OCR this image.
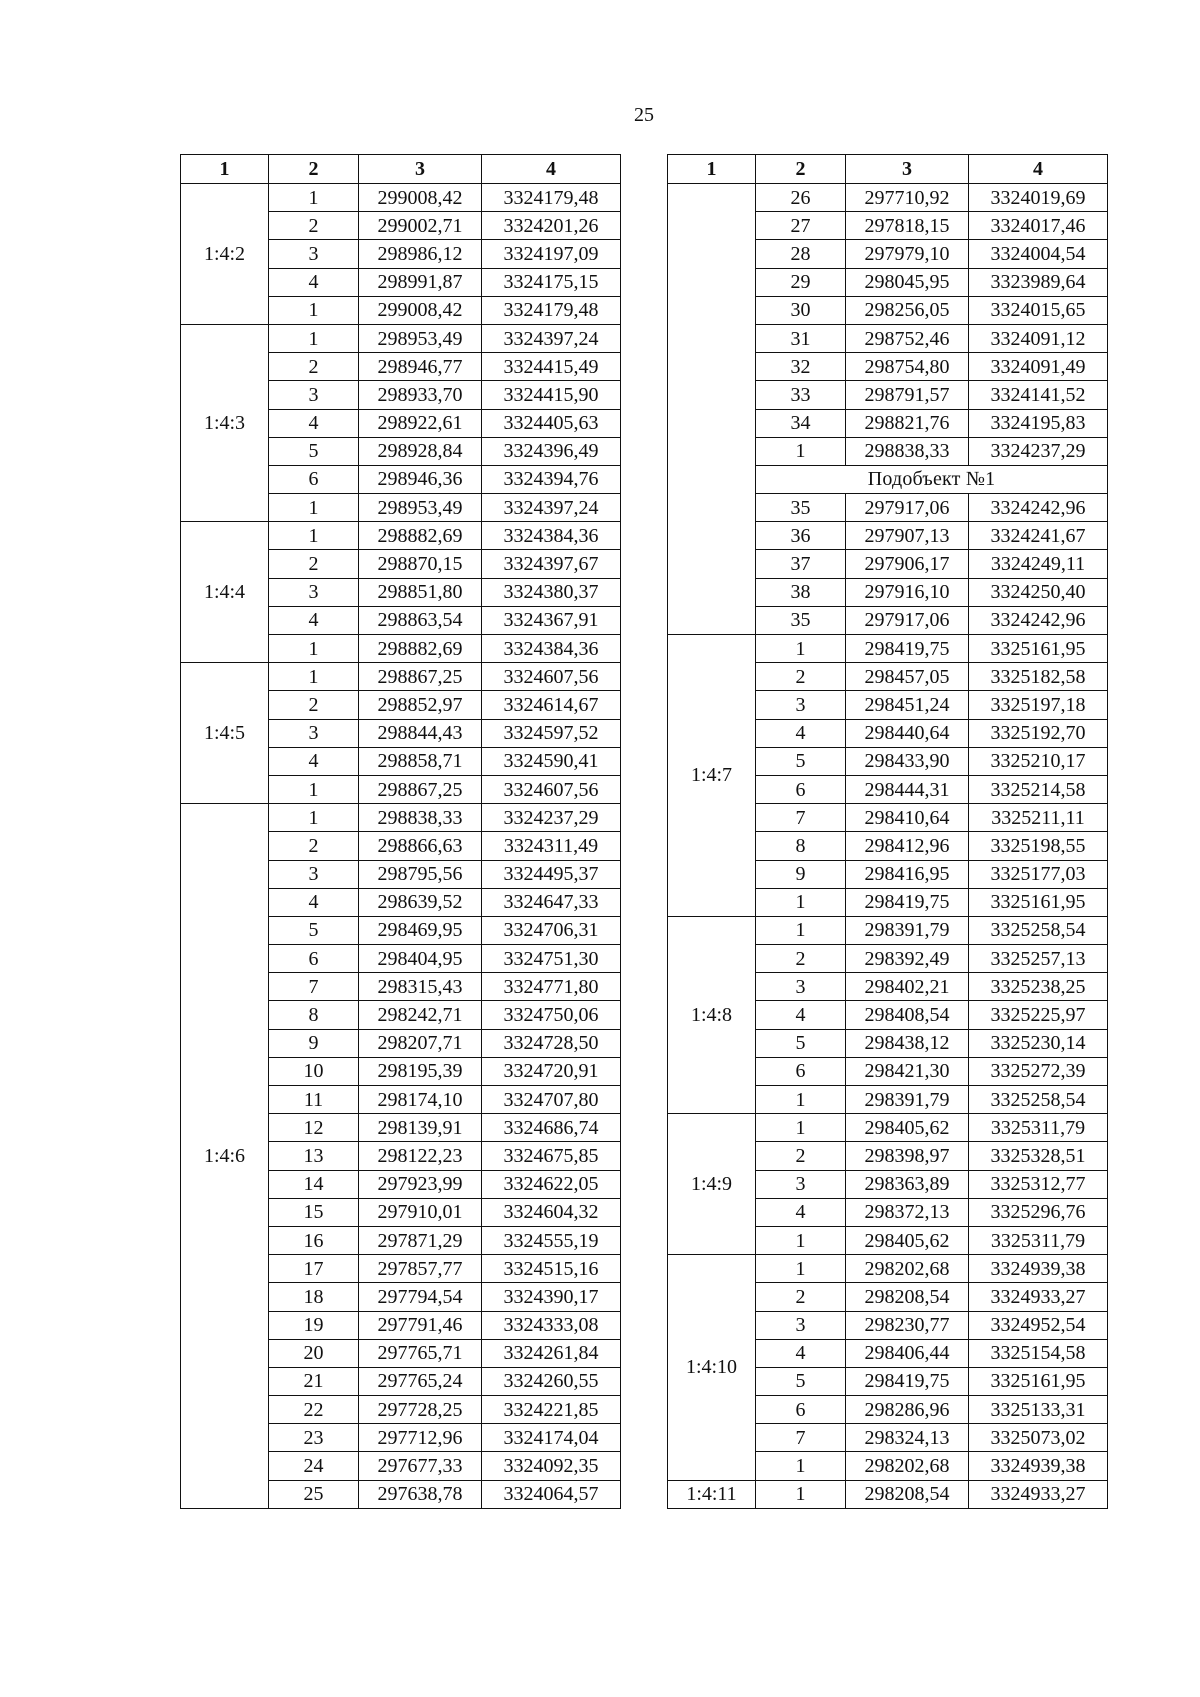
25
1	2	3	4
1:4:2	1	299008,42	3324179,48
	2	299002,71	3324201,26
	3	298986,12	3324197,09
	4	298991,87	3324175,15
	1	299008,42	3324179,48
1:4:3	1	298953,49	3324397,24
	2	298946,77	3324415,49
	3	298933,70	3324415,90
	4	298922,61	3324405,63
	5	298928,84	3324396,49
	6	298946,36	3324394,76
	1	298953,49	3324397,24
1:4:4	1	298882,69	3324384,36
	2	298870,15	3324397,67
	3	298851,80	3324380,37
	4	298863,54	3324367,91
	1	298882,69	3324384,36
1:4:5	1	298867,25	3324607,56
	2	298852,97	3324614,67
	3	298844,43	3324597,52
	4	298858,71	3324590,41
	1	298867,25	3324607,56
1:4:6	1	298838,33	3324237,29
	2	298866,63	3324311,49
	3	298795,56	3324495,37
	4	298639,52	3324647,33
	5	298469,95	3324706,31
	6	298404,95	3324751,30
	7	298315,43	3324771,80
	8	298242,71	3324750,06
	9	298207,71	3324728,50
	10	298195,39	3324720,91
	11	298174,10	3324707,80
	12	298139,91	3324686,74
	13	298122,23	3324675,85
	14	297923,99	3324622,05
	15	297910,01	3324604,32
	16	297871,29	3324555,19
	17	297857,77	3324515,16
	18	297794,54	3324390,17
	19	297791,46	3324333,08
	20	297765,71	3324261,84
	21	297765,24	3324260,55
	22	297728,25	3324221,85
	23	297712,96	3324174,04
	24	297677,33	3324092,35
	25	297638,78	3324064,57
1	2	3	4
	26	297710,92	3324019,69
	27	297818,15	3324017,46
	28	297979,10	3324004,54
	29	298045,95	3323989,64
	30	298256,05	3324015,65
	31	298752,46	3324091,12
	32	298754,80	3324091,49
	33	298791,57	3324141,52
	34	298821,76	3324195,83
	1	298838,33	3324237,29
	Подобъект №1		
	35	297917,06	3324242,96
	36	297907,13	3324241,67
	37	297906,17	3324249,11
	38	297916,10	3324250,40
	35	297917,06	3324242,96
1:4:7	1	298419,75	3325161,95
	2	298457,05	3325182,58
	3	298451,24	3325197,18
	4	298440,64	3325192,70
	5	298433,90	3325210,17
	6	298444,31	3325214,58
	7	298410,64	3325211,11
	8	298412,96	3325198,55
	9	298416,95	3325177,03
	1	298419,75	3325161,95
1:4:8	1	298391,79	3325258,54
	2	298392,49	3325257,13
	3	298402,21	3325238,25
	4	298408,54	3325225,97
	5	298438,12	3325230,14
	6	298421,30	3325272,39
	1	298391,79	3325258,54
1:4:9	1	298405,62	3325311,79
	2	298398,97	3325328,51
	3	298363,89	3325312,77
	4	298372,13	3325296,76
	1	298405,62	3325311,79
1:4:10	1	298202,68	3324939,38
	2	298208,54	3324933,27
	3	298230,77	3324952,54
	4	298406,44	3325154,58
	5	298419,75	3325161,95
	6	298286,96	3325133,31
	7	298324,13	3325073,02
	1	298202,68	3324939,38
1:4:11	1	298208,54	3324933,27
